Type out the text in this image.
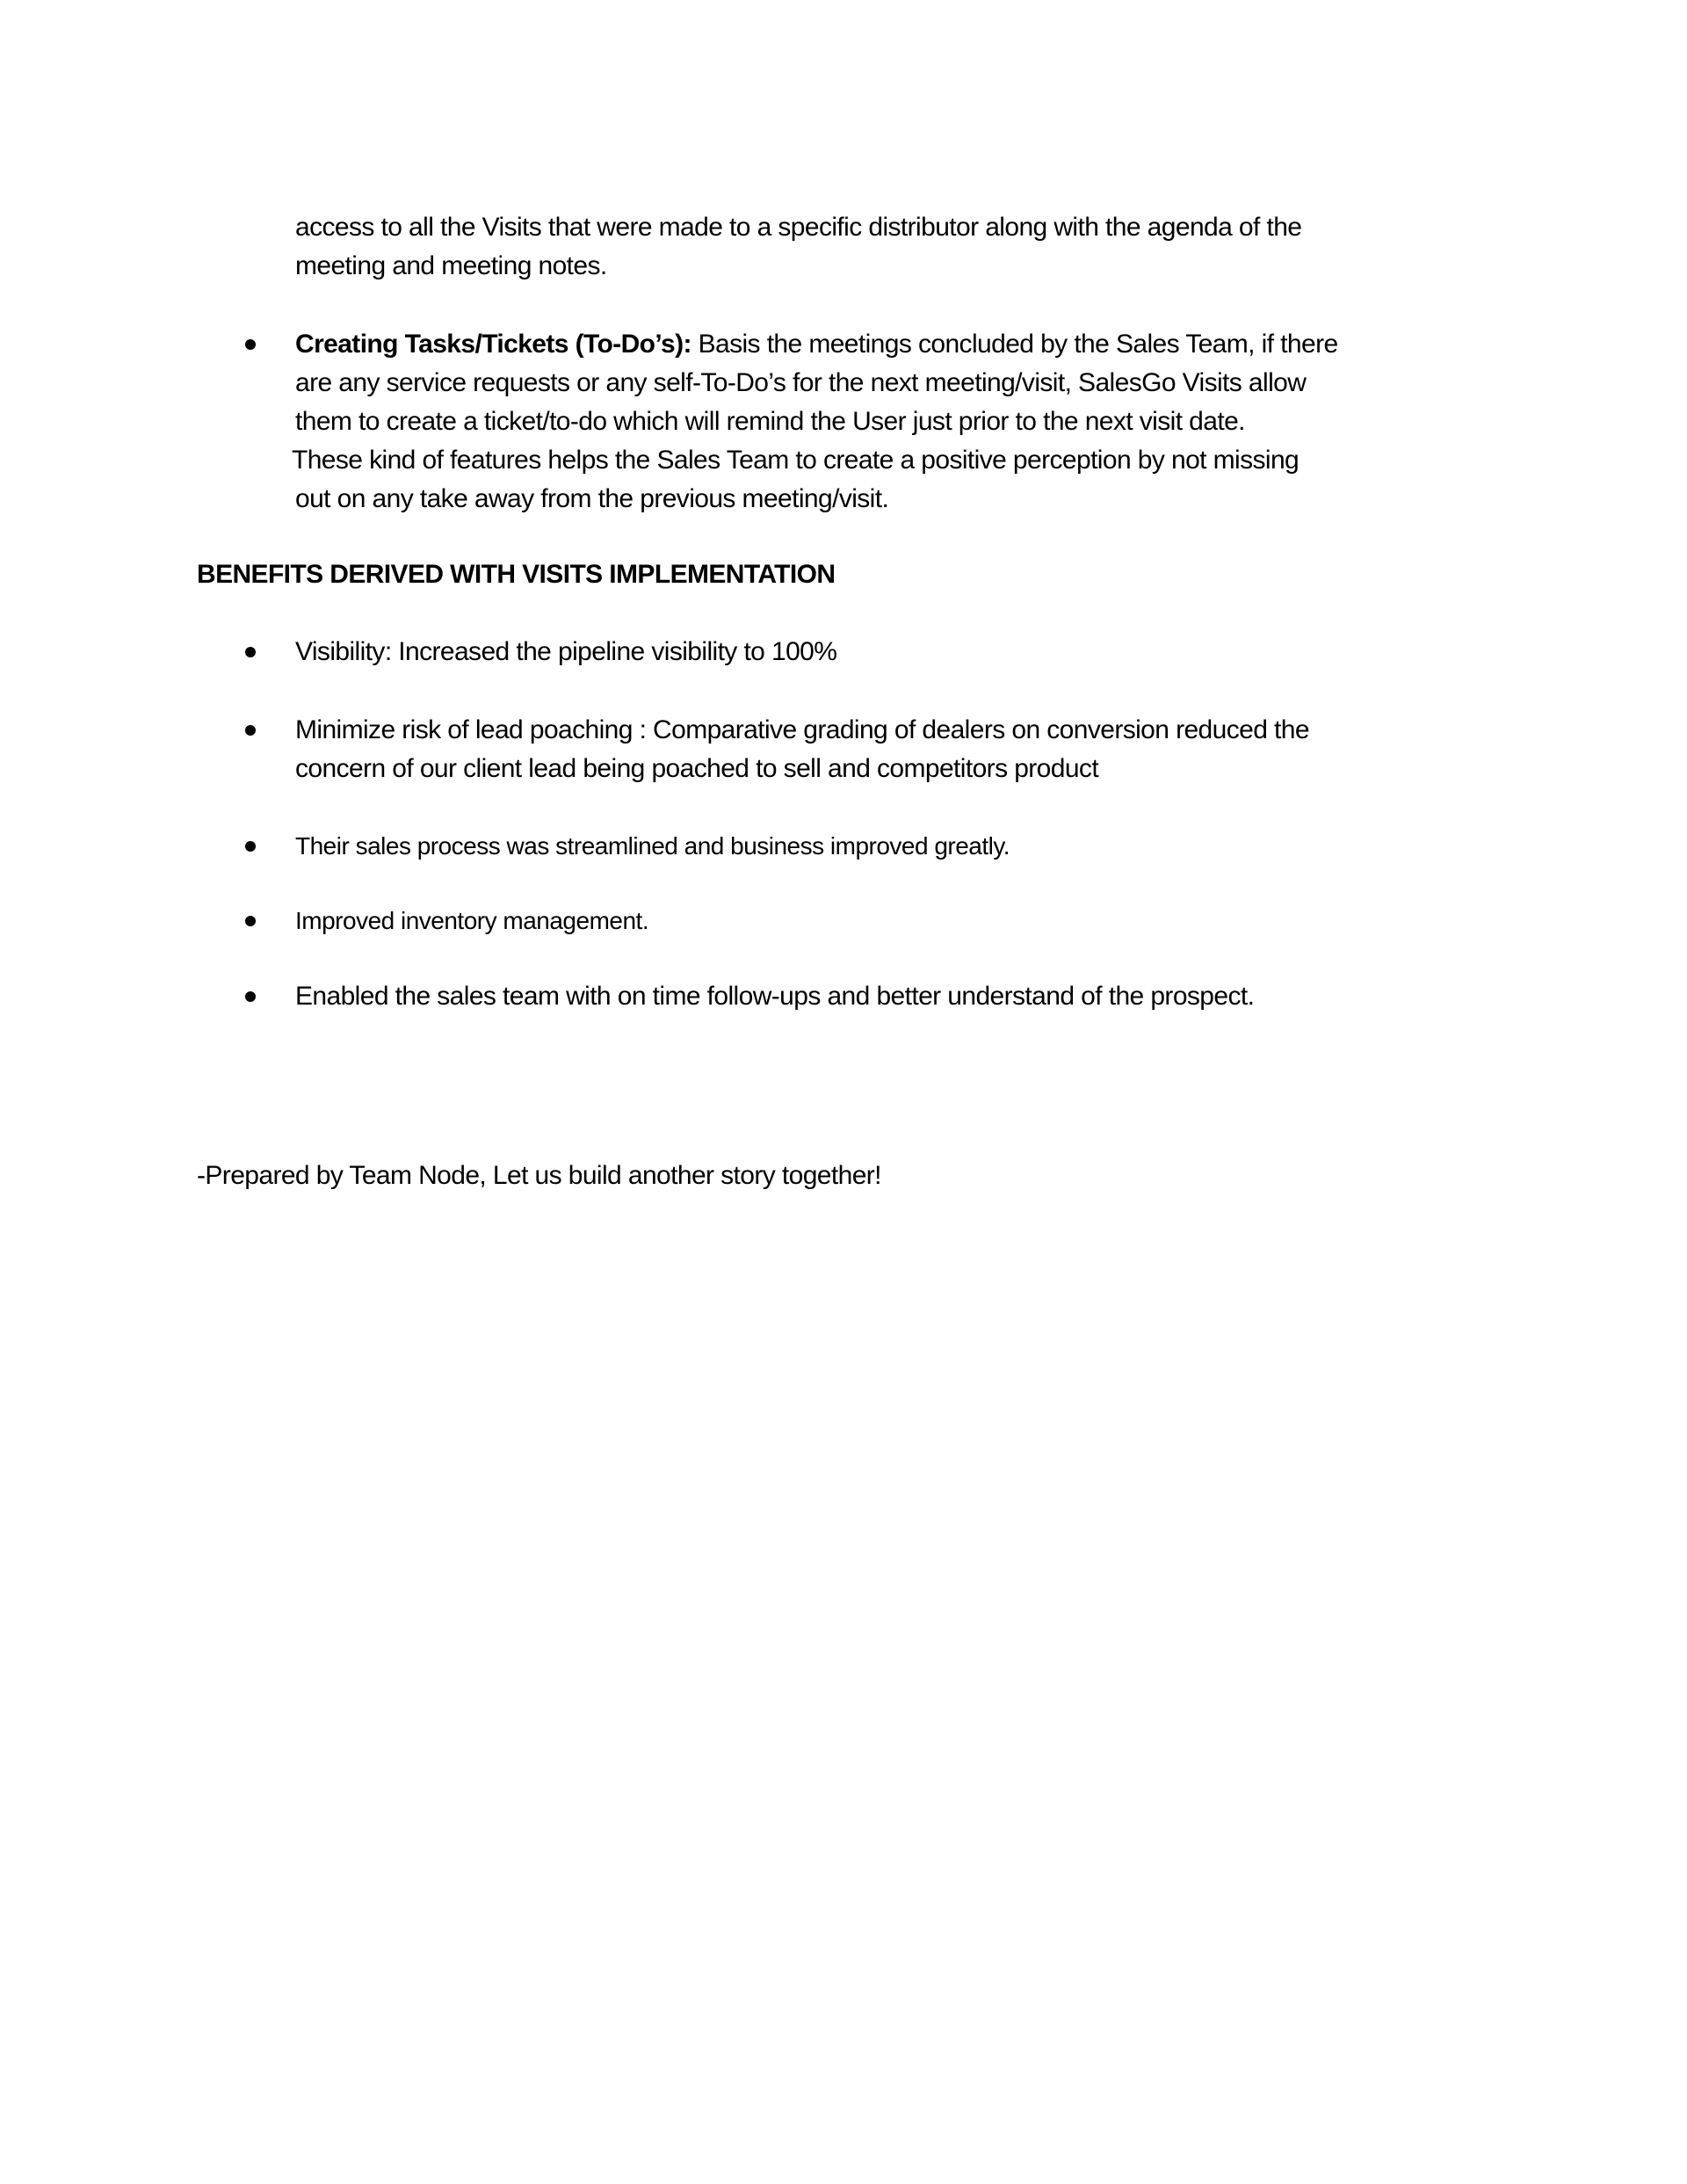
access to all the Visits that were made to a specific distributor along with the agenda of the
meeting and meeting notes.
Creating Tasks/Tickets (To-Do’s): Basis the meetings concluded by the Sales Team, if there
are any service requests or any self-To-Do’s for the next meeting/visit, SalesGo Visits allow
them to create a ticket/to-do which will remind the User just prior to the next visit date.
These kind of features helps the Sales Team to create a positive perception by not missing
out on any take away from the previous meeting/visit.
BENEFITS DERIVED WITH VISITS IMPLEMENTATION
Visibility: Increased the pipeline visibility to 100%
Minimize risk of lead poaching : Comparative grading of dealers on conversion reduced the
concern of our client lead being poached to sell and competitors product
Their sales process was streamlined and business improved greatly.
Improved inventory management.
Enabled the sales team with on time follow-ups and better understand of the prospect.
-Prepared by Team Node, Let us build another story together!
